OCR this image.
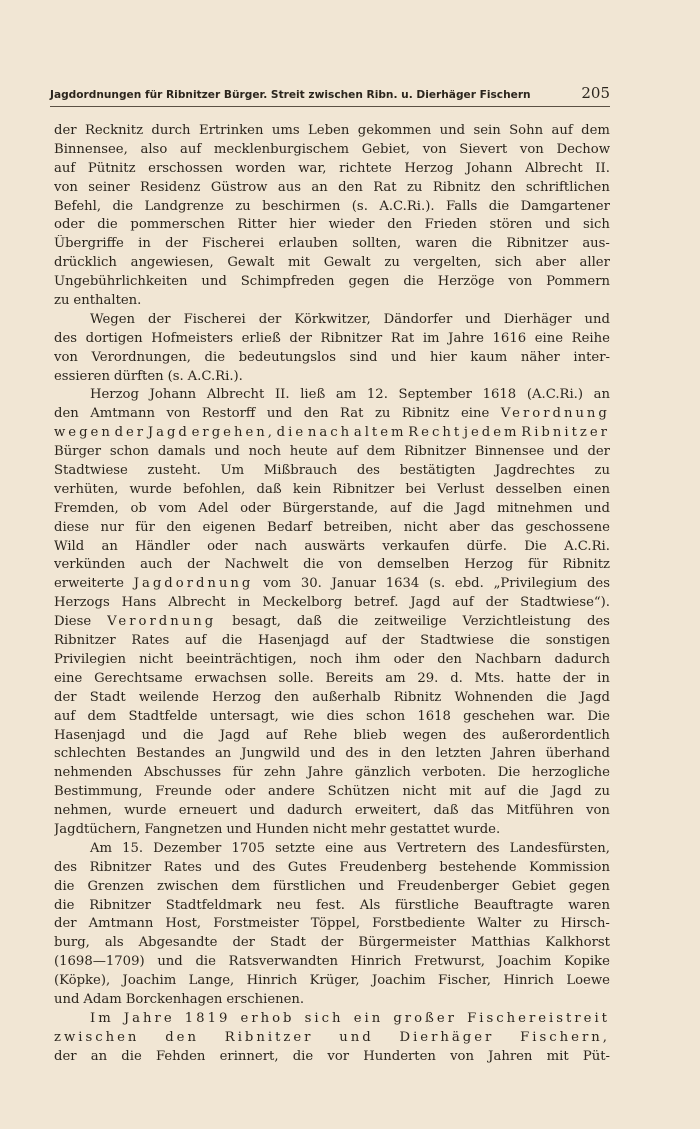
Jagdordnungen für Ribnitzer Bürger. Streit zwischen Ribn. u. Dierhäger Fischern	205
der Recknitz durch Ertrinken ums Leben gekommen und sein Sohn auf dem
Binnensee, also auf mecklenburgischem Gebiet, von Sievert von Dechow
auf Pütnitz erschossen worden war, richtete Herzog Johann Albrecht II.
von seiner Residenz Güstrow aus an den Rat zu Ribnitz den schriftlichen
Befehl, die Landgrenze zu beschirmen (s. A.C.Ri.). Falls die Damgartener
oder die pommerschen Ritter hier wieder den Frieden stören und sich
Übergriffe in der Fischerei erlauben sollten, waren die Ribnitzer aus-
drücklich angewiesen, Gewalt mit Gewalt zu vergelten, sich aber aller
Ungebührlichkeiten und Schimpfreden gegen die Herzöge von Pommern
zu enthalten.
Wegen der Fischerei der Körkwitzer, Dändorfer und Dierhäger und
des dortigen Hofmeisters erließ der Ribnitzer Rat im Jahre 1616 eine Reihe
von Verordnungen, die bedeutungslos sind und hier kaum näher inter-
essieren dürften (s. A.C.Ri.).
Herzog Johann Albrecht II. ließ am 12. September 1618 (A.C.Ri.) an
den Amtmann von Restorff und den Rat zu Ribnitz eine Verordnung
wegen der Jagd ergehen, die nach altem Recht jedem Ribnitzer
Bürger schon damals und noch heute auf dem Ribnitzer Binnensee und der
Stadtwiese zusteht. Um Mißbrauch des bestätigten Jagdrechtes zu
verhüten, wurde befohlen, daß kein Ribnitzer bei Verlust desselben einen
Fremden, ob vom Adel oder Bürgerstande, auf die Jagd mitnehmen und
diese nur für den eigenen Bedarf betreiben, nicht aber das geschossene
Wild an Händler oder nach auswärts verkaufen dürfe. Die A.C.Ri.
verkünden auch der Nachwelt die von demselben Herzog für Ribnitz
erweiterte Jagdordnung vom 30. Januar 1634 (s. ebd. „Privilegium des
Herzogs Hans Albrecht in Meckelborg betref. Jagd auf der Stadtwiese“).
Diese Verordnung besagt, daß die zeitweilige Verzichtleistung des
Ribnitzer Rates auf die Hasenjagd auf der Stadtwiese die sonstigen
Privilegien nicht beeinträchtigen, noch ihm oder den Nachbarn dadurch
eine Gerechtsame erwachsen solle. Bereits am 29. d. Mts. hatte der in
der Stadt weilende Herzog den außerhalb Ribnitz Wohnenden die Jagd
auf dem Stadtfelde untersagt, wie dies schon 1618 geschehen war. Die
Hasenjagd und die Jagd auf Rehe blieb wegen des außerordentlich
schlechten Bestandes an Jungwild und des in den letzten Jahren überhand
nehmenden Abschusses für zehn Jahre gänzlich verboten. Die herzogliche
Bestimmung, Freunde oder andere Schützen nicht mit auf die Jagd zu
nehmen, wurde erneuert und dadurch erweitert, daß das Mitführen von
Jagdtüchern, Fangnetzen und Hunden nicht mehr gestattet wurde.
Am 15. Dezember 1705 setzte eine aus Vertretern des Landesfürsten,
des Ribnitzer Rates und des Gutes Freudenberg bestehende Kommission
die Grenzen zwischen dem fürstlichen und Freudenberger Gebiet gegen
die Ribnitzer Stadtfeldmark neu fest. Als fürstliche Beauftragte waren
der Amtmann Host, Forstmeister Töppel, Forstbediente Walter zu Hirsch-
burg, als Abgesandte der Stadt der Bürgermeister Matthias Kalkhorst
(1698—1709) und die Ratsverwandten Hinrich Fretwurst, Joachim Kopike
(Köpke), Joachim Lange, Hinrich Krüger, Joachim Fischer, Hinrich Loewe
und Adam Borckenhagen erschienen.
Im Jahre 1819 erhob sich ein großer Fischereistreit
zwischen den Ribnitzer und Dierhäger Fischern,
der an die Fehden erinnert, die vor Hunderten von Jahren mit Püt-
